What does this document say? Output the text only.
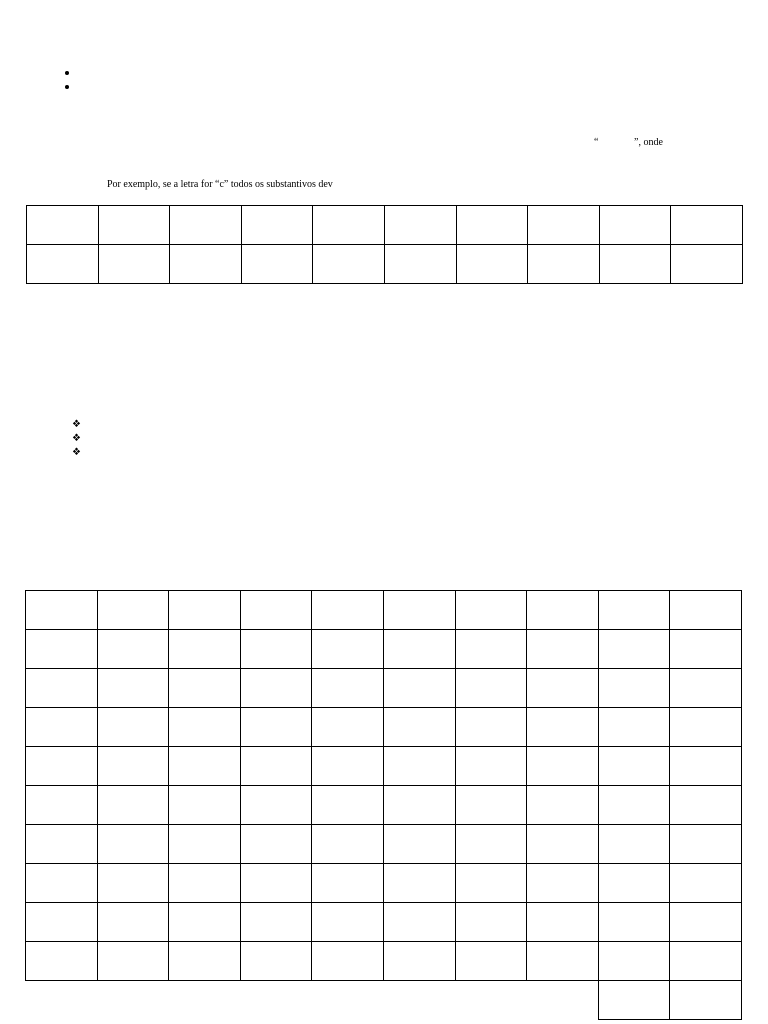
“	”, onde
Por exemplo, se a letra for “c” todos os substantivos dev

❖
❖
❖
